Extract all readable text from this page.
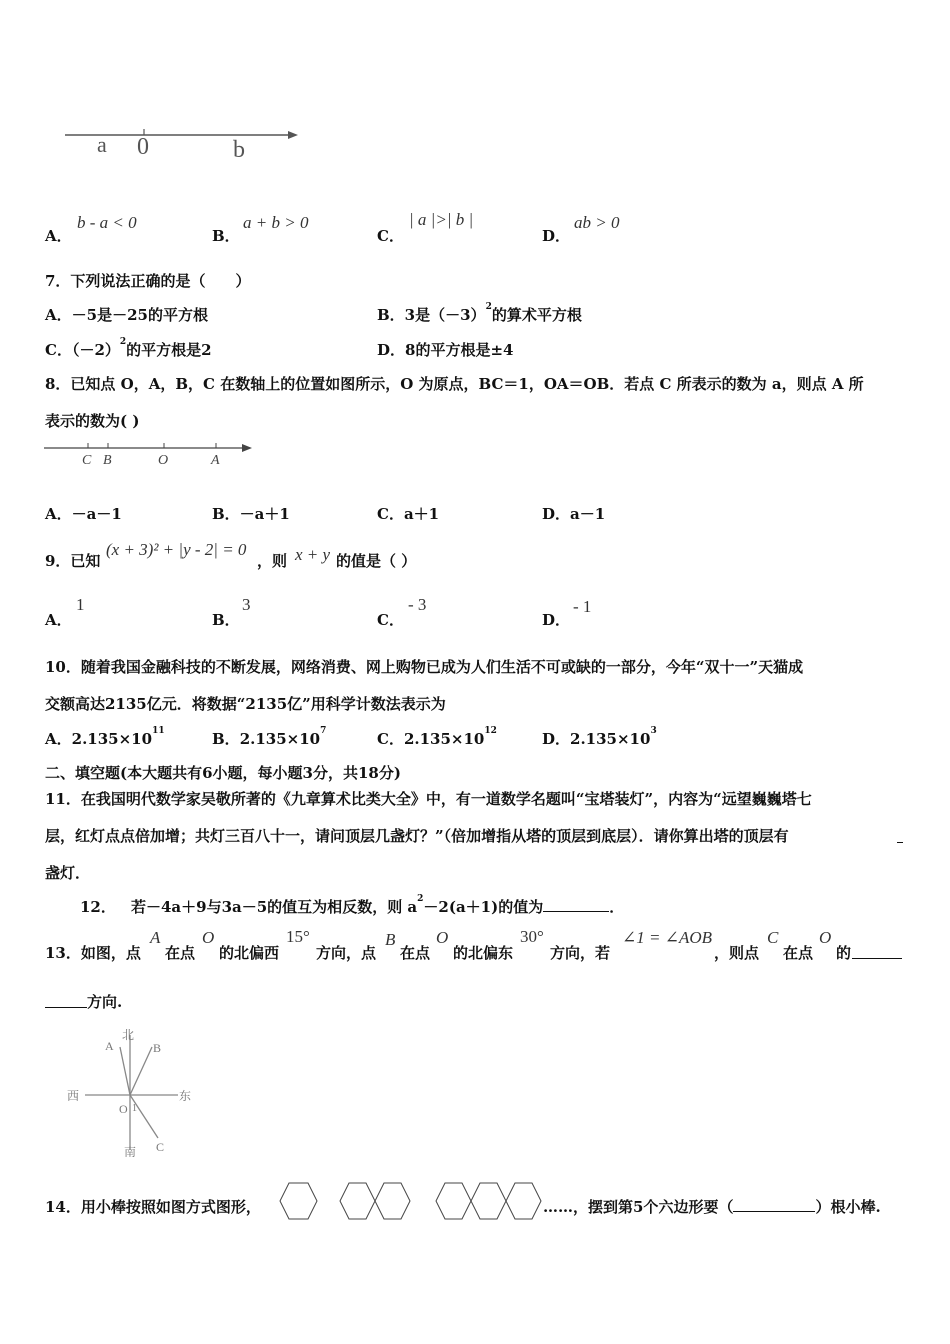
a 0	b
A．
b - a < 0
B．
a + b > 0
C．
| a |>| b |
D．
ab > 0
7．下列说法正确的是（　　）
A．－5是－25的平方根	B．3是$(-3)^2$的算术平方根
C．$(-2)^2$的平方根是2	D．8的平方根是±4
8．已知点 O，A，B，C 在数轴上的位置如图所示，O 为原点，BC＝1，OA＝OB．若点 C 所表示的数为 a，则点 A 所
表示的数为( )
C B	O	A
A．－a－1	B．－a＋1	C．a＋1	D．a－1
9．已知
(x + 3)² + |y - 2| = 0
，则 x + y 的值是（ ）
A．
1
B．
3
C．
- 3
D．
- 1
10．随着我国金融科技的不断发展，网络消费、网上购物已成为人们生活不可或缺的一部分，今年“双十一”天猫成
交额高达2135亿元．将数据“2135亿”用科学计数法表示为
A．$2.135\times 10^{11}$	B．$2.135\times 10^7$	C．$2.135\times 10^{12}$	D．$2.135\times 10^3$
二、填空题(本大题共有6小题，每小题3分，共18分)
11．在我国明代数学家吴敬所著的《九章算术比类大全》中，有一道数学名题叫“宝塔装灯”，内容为“远望巍巍塔七
层，红灯点点倍加增；共灯三百八十一，请问顶层几盏灯？”（倍加增指从塔的顶层到底层）．请你算出塔的顶层有
盏灯．
12． 若－4a＋9与3a－5的值互为相反数，则 $a^2-2(a+1)$的值为	．
13．如图，点
A
在点
O
的北偏西
15°
方向，点
B
在点
O
的北偏东
30°
方向，若
∠1 = ∠AOB
，则点
C
在点
O
的
方向.
北
南
西	东
A	B
C
O 1
14．用小棒按照如图方式图形，	……，摆到第5个六边形要（	）根小棒.
